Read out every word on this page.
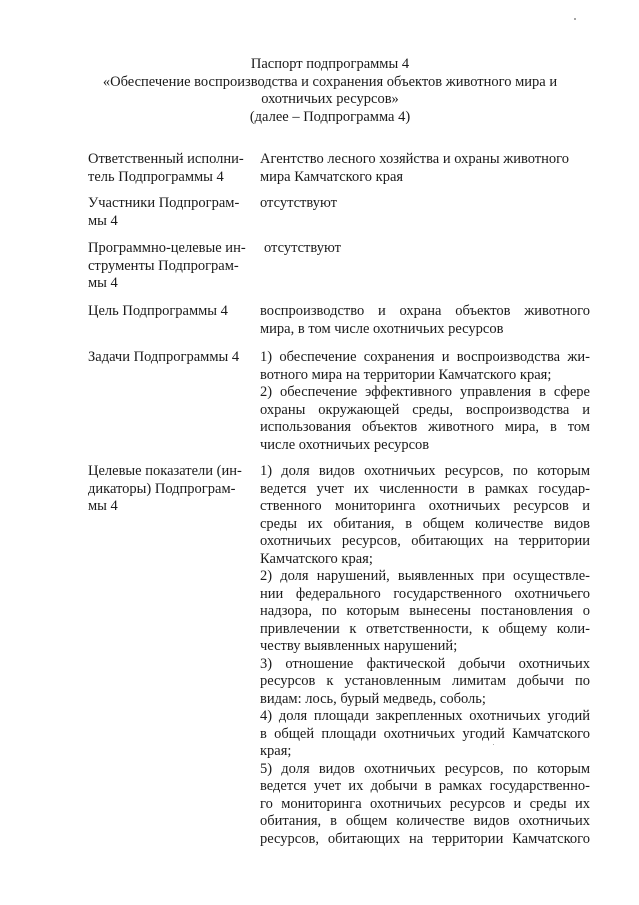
Паспорт подпрограммы 4
«Обеспечение воспроизводства и сохранения объектов животного мира и
охотничьих ресурсов»
(далее – Подпрограмма 4)
Ответственный исполни-
тель Подпрограммы 4
Агентство лесного хозяйства и охраны животного
мира Камчатского края
Участники Подпрограм-
мы 4
отсутствуют
Программно-целевые ин-
струменты Подпрограм-
мы 4
отсутствуют
Цель Подпрограммы 4	воспроизводство и охрана объектов животного
мира, в том числе охотничьих ресурсов
Задачи Подпрограммы 4	1) обеспечение сохранения и воспроизводства жи-
вотного мира на территории Камчатского края;
2) обеспечение эффективного управления в сфере
охраны окружающей среды, воспроизводства и
использования объектов животного мира, в том
числе охотничьих ресурсов
Целевые показатели (ин-
дикаторы) Подпрограм-
мы 4
1) доля видов охотничьих ресурсов, по которым
ведется учет их численности в рамках государ-
ственного мониторинга охотничьих ресурсов и
среды их обитания, в общем количестве видов
охотничьих ресурсов, обитающих на территории
Камчатского края;
2) доля нарушений, выявленных при осуществле-
нии федерального государственного охотничьего
надзора, по которым вынесены постановления о
привлечении к ответственности, к общему коли-
честву выявленных нарушений;
3) отношение фактической добычи охотничьих
ресурсов к установленным лимитам добычи по
видам: лось, бурый медведь, соболь;
4) доля площади закрепленных охотничьих угодий
в общей площади охотничьих угодий Камчатского
края;
5) доля видов охотничьих ресурсов, по которым
ведется учет их добычи в рамках государственно-
го мониторинга охотничьих ресурсов и среды их
обитания, в общем количестве видов охотничьих
ресурсов, обитающих на территории Камчатского
